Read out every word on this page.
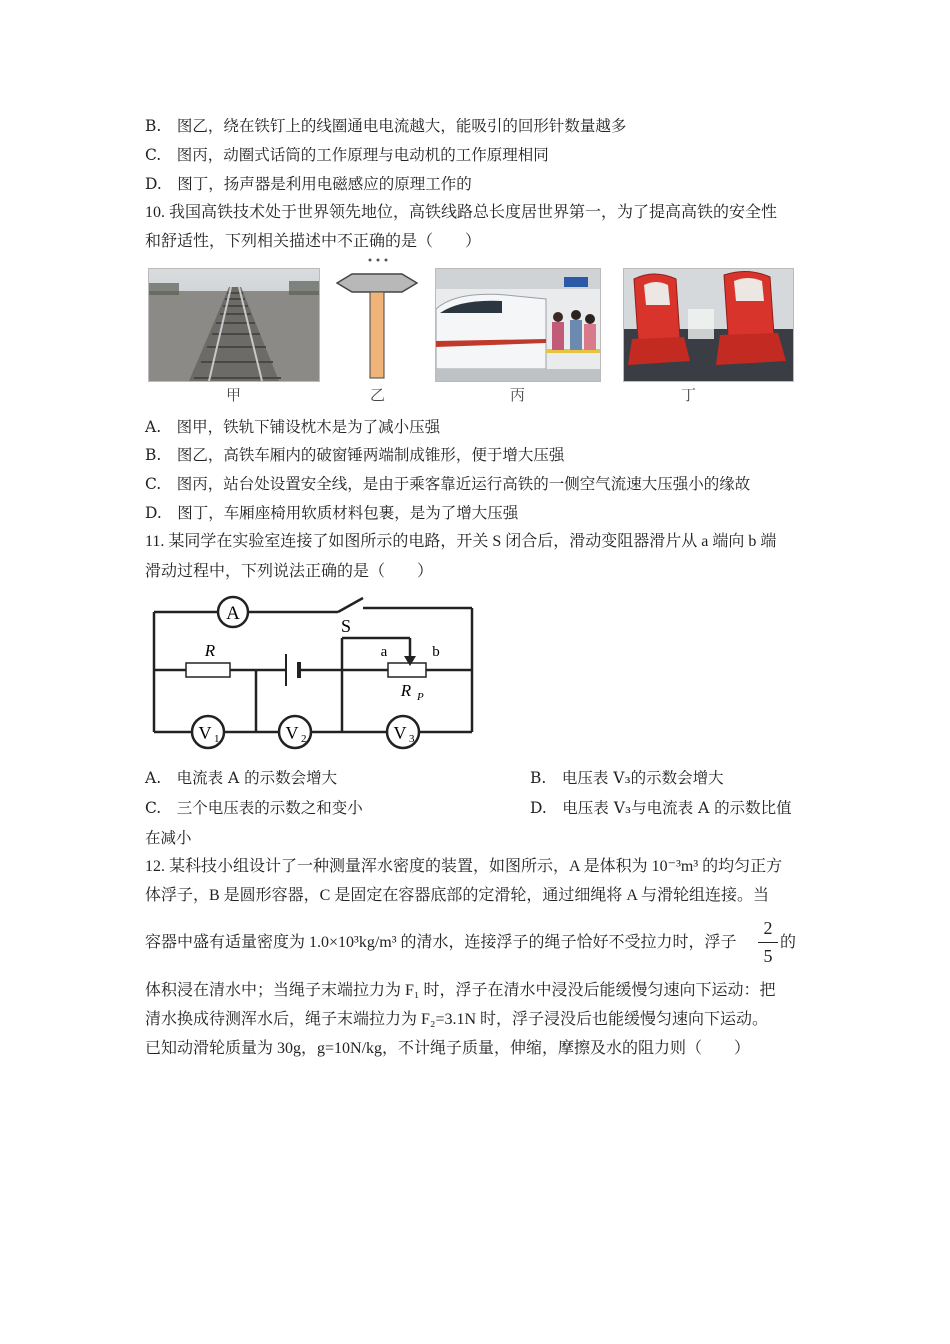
B.　图乙，绕在铁钉上的线圈通电电流越大，能吸引的回形针数量越多
C.　图丙，动圈式话筒的工作原理与电动机的工作原理相同
D.　图丁，扬声器是利用电磁感应的原理工作的
10. 我国高铁技术处于世界领先地位，高铁线路总长度居世界第一，为了提高高铁的安全性
和舒适性，下列相关描述中不正确的是（　　）
甲	乙	丙	丁
A.　图甲，铁轨下铺设枕木是为了减小压强
B.　图乙，高铁车厢内的破窗锤两端制成锥形，便于增大压强
C.　图丙，站台处设置安全线，是由于乘客靠近运行高铁的一侧空气流速大压强小的缘故
D.　图丁，车厢座椅用软质材料包裹，是为了增大压强
11. 某同学在实验室连接了如图所示的电路，开关 S 闭合后，滑动变阻器滑片从 a 端向 b 端
滑动过程中，下列说法正确的是（　　）
A
S
R	a	b
R P
V 1	V 2	V 3
A.　电流表 A 的示数会增大	B.　电压表 V₃的示数会增大
C.　三个电压表的示数之和变小	D.　电压表 V₃与电流表 A 的示数比值
在减小
12. 某科技小组设计了一种测量浑水密度的装置，如图所示，A 是体积为 10⁻³m³ 的均匀正方
体浮子，B 是圆形容器，C 是固定在容器底部的定滑轮，通过细绳将 A 与滑轮组连接。当
容器中盛有适量密度为 1.0×10³kg/m³ 的清水，连接浮子的绳子恰好不受拉力时，浮子
2
5
的
体积浸在清水中；当绳子末端拉力为 F₁ 时，浮子在清水中浸没后能缓慢匀速向下运动：把
清水换成待测浑水后，绳子末端拉力为 F₂=3.1N 时，浮子浸没后也能缓慢匀速向下运动。
已知动滑轮质量为 30g，g=10N/kg，不计绳子质量，伸缩，摩擦及水的阻力则（　　）
